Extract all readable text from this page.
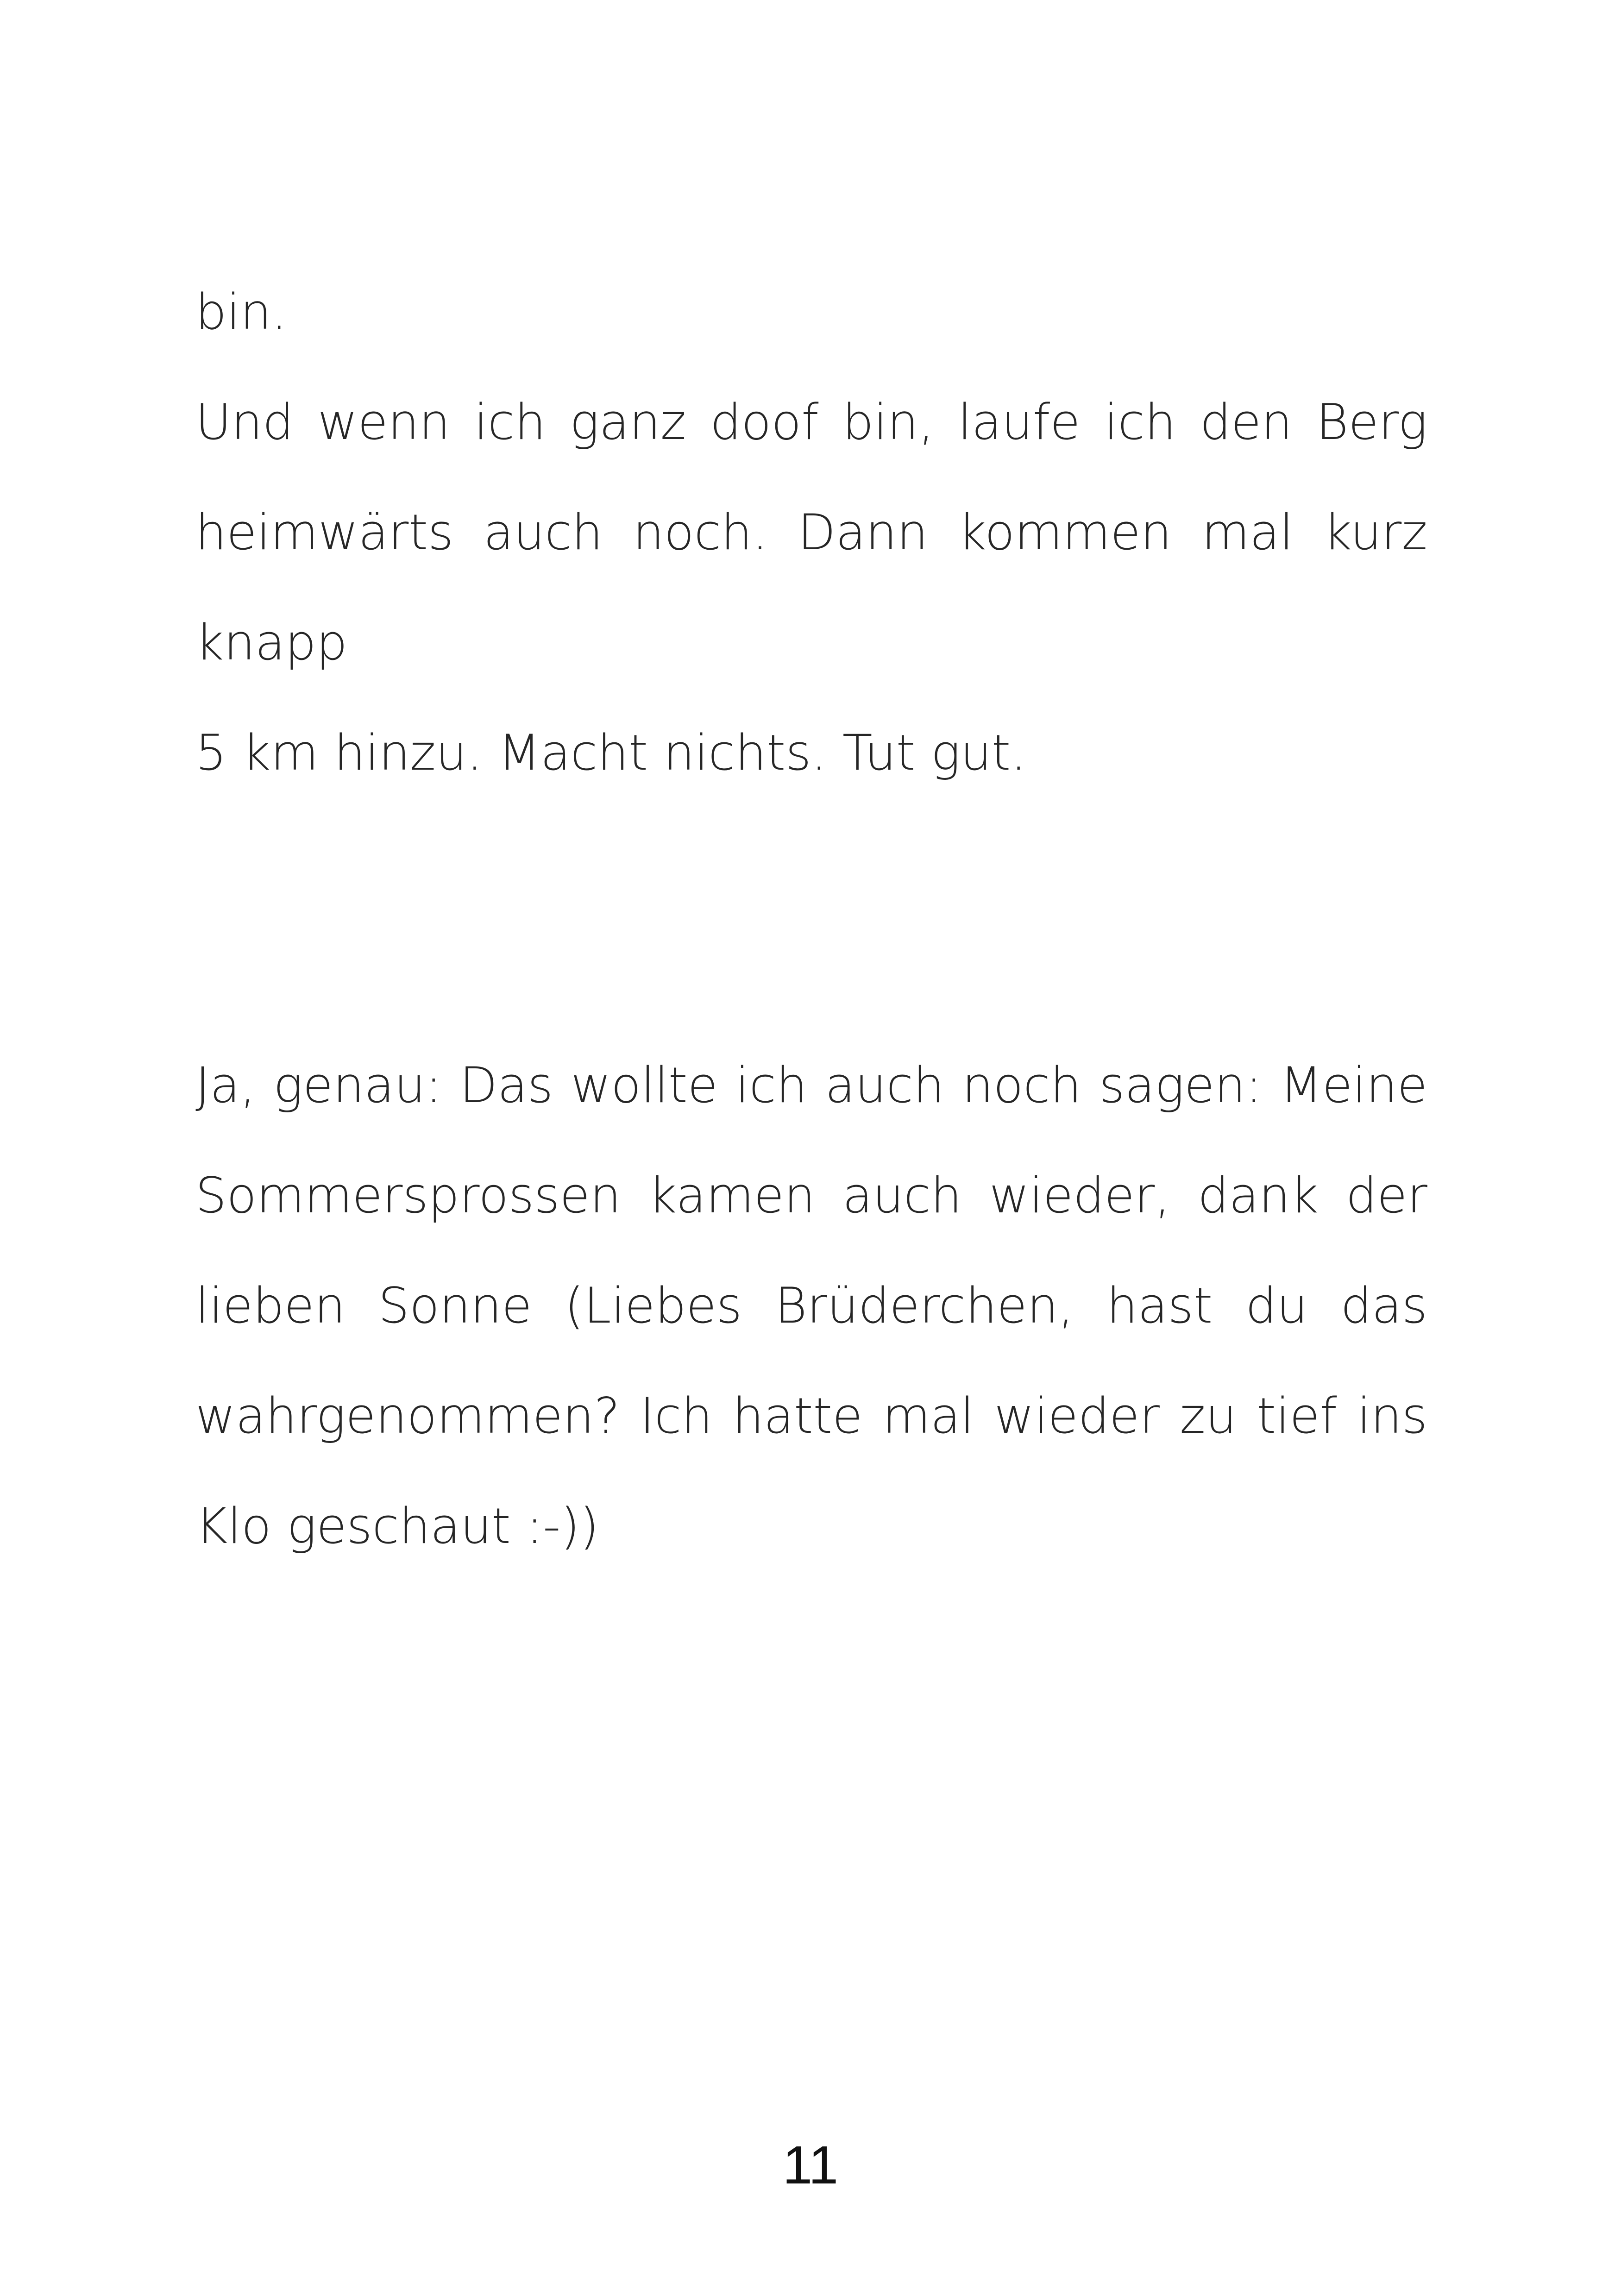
bin.
Und wenn ich ganz doof bin, laufe ich den Berg
heimwärts auch noch. Dann kommen mal kurz
knapp
5 km hinzu. Macht nichts. Tut gut.
Ja, genau: Das wollte ich auch noch sagen: Meine
Sommersprossen kamen auch wieder, dank der
lieben Sonne (Liebes Brüderchen, hast du das
wahrgenommen? Ich hatte mal wieder zu tief ins
Klo geschaut :-))
11
